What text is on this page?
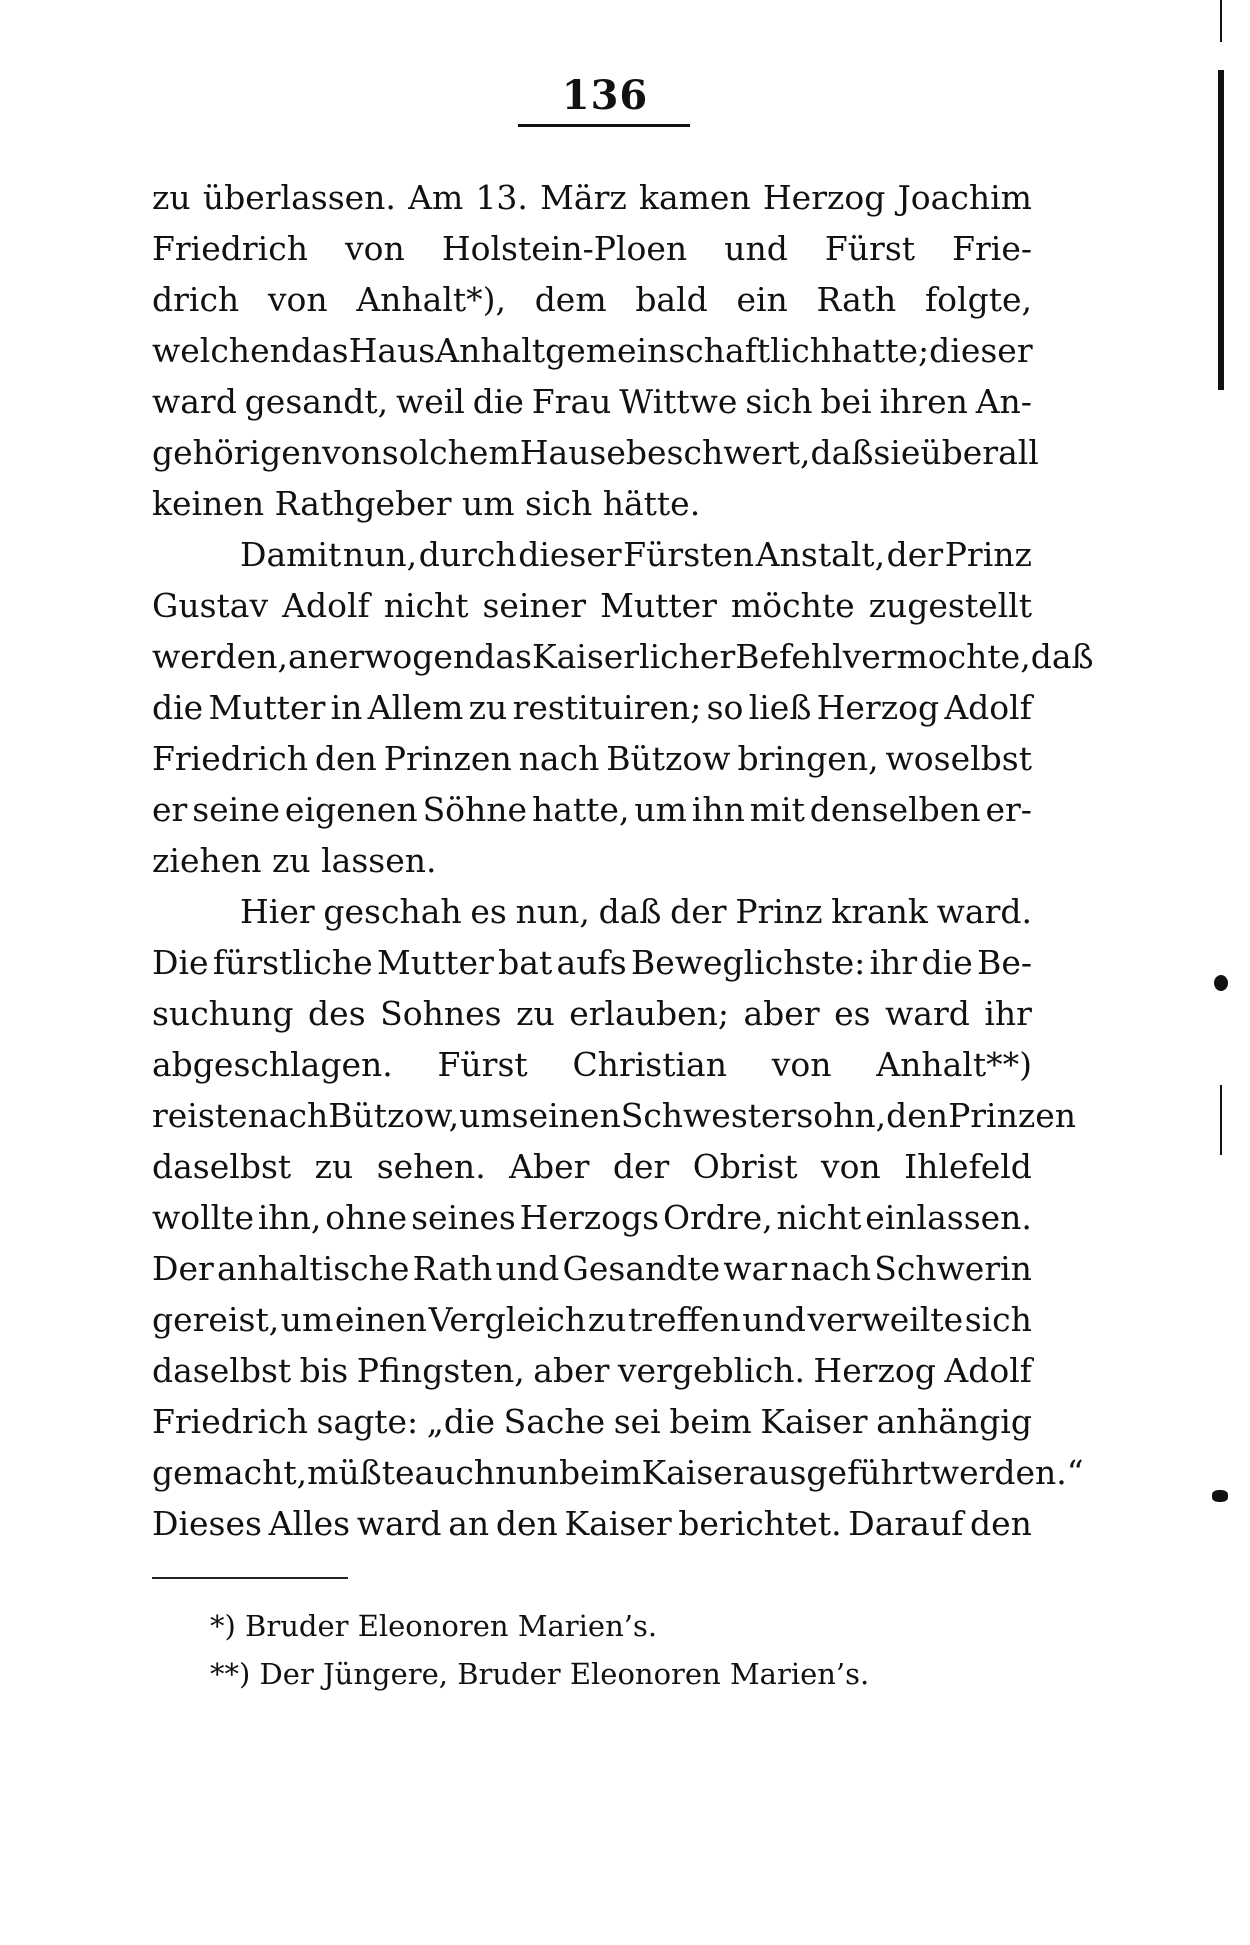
136
zu überlassen. Am 13. März kamen Herzog Joachim
Friedrich von Holstein-Ploen und Fürst Frie-
drich von Anhalt*), dem bald ein Rath folgte,
welchen das Haus Anhalt gemeinschaftlich hatte; dieser
ward gesandt, weil die Frau Wittwe sich bei ihren An-
gehörigen von solchem Hause beschwert, daß sie überall
keinen Rathgeber um sich hätte.
Damit nun, durch dieser Fürsten Anstalt, der Prinz
Gustav Adolf nicht seiner Mutter möchte zugestellt
werden, anerwogen das Kaiserlicher Befehl vermochte, daß
die Mutter in Allem zu restituiren; so ließ Herzog Adolf
Friedrich den Prinzen nach Bützow bringen, woselbst
er seine eigenen Söhne hatte, um ihn mit denselben er-
ziehen zu lassen.
Hier geschah es nun, daß der Prinz krank ward.
Die fürstliche Mutter bat aufs Beweglichste: ihr die Be-
suchung des Sohnes zu erlauben; aber es ward ihr
abgeschlagen. Fürst Christian von Anhalt**)
reiste nach Bützow, um seinen Schwestersohn, den Prinzen
daselbst zu sehen. Aber der Obrist von Ihlefeld
wollte ihn, ohne seines Herzogs Ordre, nicht einlassen.
Der anhaltische Rath und Gesandte war nach Schwerin
gereist, um einen Vergleich zu treffen und verweilte sich
daselbst bis Pfingsten, aber vergeblich. Herzog Adolf
Friedrich sagte: „die Sache sei beim Kaiser anhängig
gemacht, müßte auch nun beim Kaiser ausgeführt werden.“
Dieses Alles ward an den Kaiser berichtet. Darauf den
*) Bruder Eleonoren Marien’s.
**) Der Jüngere, Bruder Eleonoren Marien’s.
